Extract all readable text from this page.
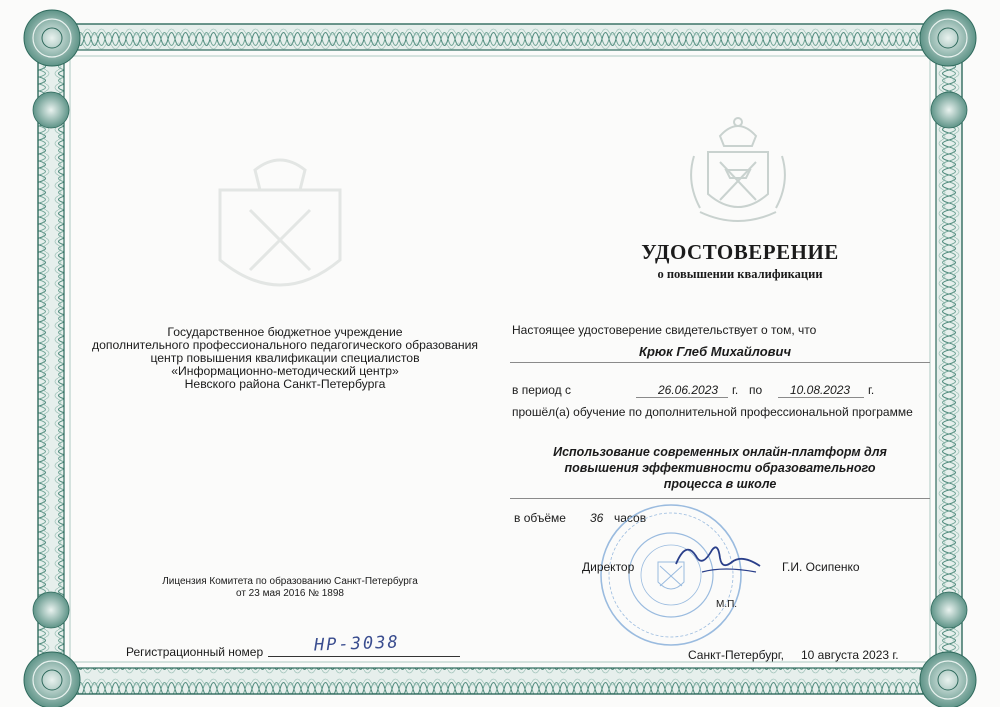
Государственное бюджетное учреждение
дополнительного профессионального педагогического образования
центр повышения квалификации специалистов
«Информационно-методический центр»
Невского района Санкт-Петербурга
Лицензия Комитета по образованию Санкт-Петербурга
от 23 мая 2016 № 1898
Регистрационный номер	НР-3038
УДОСТОВЕРЕНИЕ
о повышении квалификации
Настоящее удостоверение свидетельствует о том, что
Крюк Глеб Михайлович
в период с	26.06.2023 г. по 10.08.2023 г.
прошёл(а) обучение по дополнительной профессиональной программе
Использование современных онлайн-платформ для
повышения эффективности образовательного
процесса в школе
в объёме 36 часов
Директор	Г.И. Осипенко
М.П.
Санкт-Петербург, 10 августа 2023 г.
